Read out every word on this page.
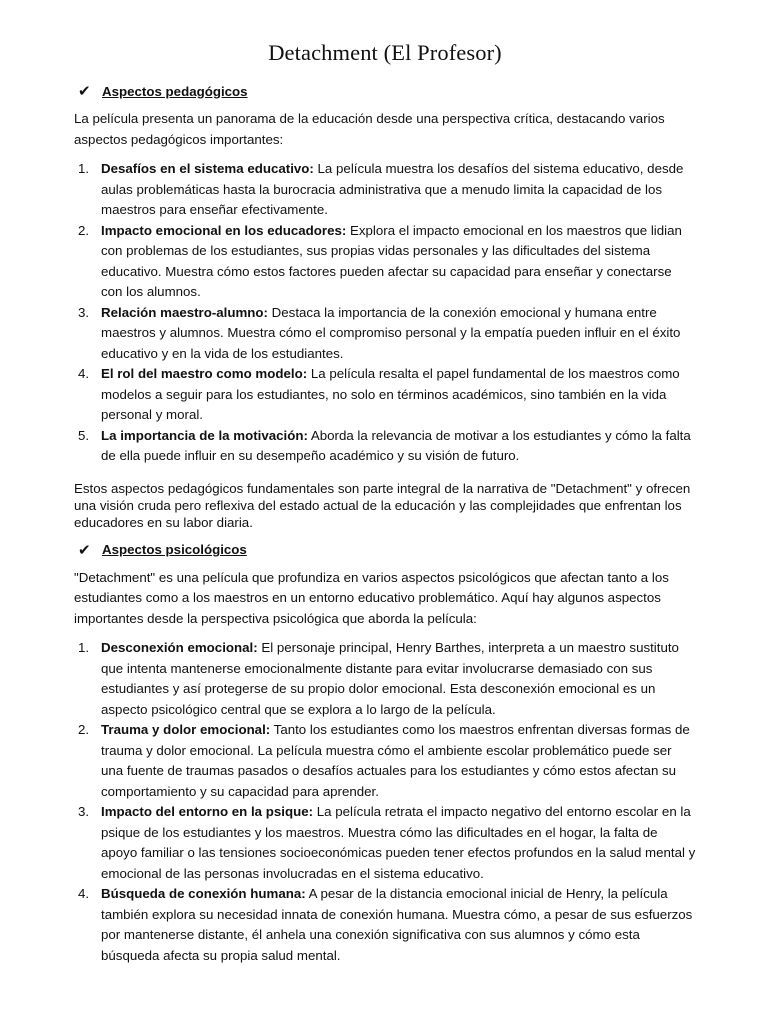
Detachment (El Profesor)
✔ Aspectos pedagógicos

La película presenta un panorama de la educación desde una perspectiva crítica, destacando varios aspectos pedagógicos importantes:

1. Desafíos en el sistema educativo: La película muestra los desafíos del sistema educativo, desde aulas problemáticas hasta la burocracia administrativa que a menudo limita la capacidad de los maestros para enseñar efectivamente.
2. Impacto emocional en los educadores: Explora el impacto emocional en los maestros que lidian con problemas de los estudiantes, sus propias vidas personales y las dificultades del sistema educativo. Muestra cómo estos factores pueden afectar su capacidad para enseñar y conectarse con los alumnos.
3. Relación maestro-alumno: Destaca la importancia de la conexión emocional y humana entre maestros y alumnos. Muestra cómo el compromiso personal y la empatía pueden influir en el éxito educativo y en la vida de los estudiantes.
4. El rol del maestro como modelo: La película resalta el papel fundamental de los maestros como modelos a seguir para los estudiantes, no solo en términos académicos, sino también en la vida personal y moral.
5. La importancia de la motivación: Aborda la relevancia de motivar a los estudiantes y cómo la falta de ella puede influir en su desempeño académico y su visión de futuro.

Estos aspectos pedagógicos fundamentales son parte integral de la narrativa de "Detachment" y ofrecen una visión cruda pero reflexiva del estado actual de la educación y las complejidades que enfrentan los educadores en su labor diaria.

✔ Aspectos psicológicos

"Detachment" es una película que profundiza en varios aspectos psicológicos que afectan tanto a los estudiantes como a los maestros en un entorno educativo problemático. Aquí hay algunos aspectos importantes desde la perspectiva psicológica que aborda la película:

1. Desconexión emocional: El personaje principal, Henry Barthes, interpreta a un maestro sustituto que intenta mantenerse emocionalmente distante para evitar involucrarse demasiado con sus estudiantes y así protegerse de su propio dolor emocional. Esta desconexión emocional es un aspecto psicológico central que se explora a lo largo de la película.
2. Trauma y dolor emocional: Tanto los estudiantes como los maestros enfrentan diversas formas de trauma y dolor emocional. La película muestra cómo el ambiente escolar problemático puede ser una fuente de traumas pasados o desafíos actuales para los estudiantes y cómo estos afectan su comportamiento y su capacidad para aprender.
3. Impacto del entorno en la psique: La película retrata el impacto negativo del entorno escolar en la psique de los estudiantes y los maestros. Muestra cómo las dificultades en el hogar, la falta de apoyo familiar o las tensiones socioeconómicas pueden tener efectos profundos en la salud mental y emocional de las personas involucradas en el sistema educativo.
4. Búsqueda de conexión humana: A pesar de la distancia emocional inicial de Henry, la película también explora su necesidad innata de conexión humana. Muestra cómo, a pesar de sus esfuerzos por mantenerse distante, él anhela una conexión significativa con sus alumnos y cómo esta búsqueda afecta su propia salud mental.
